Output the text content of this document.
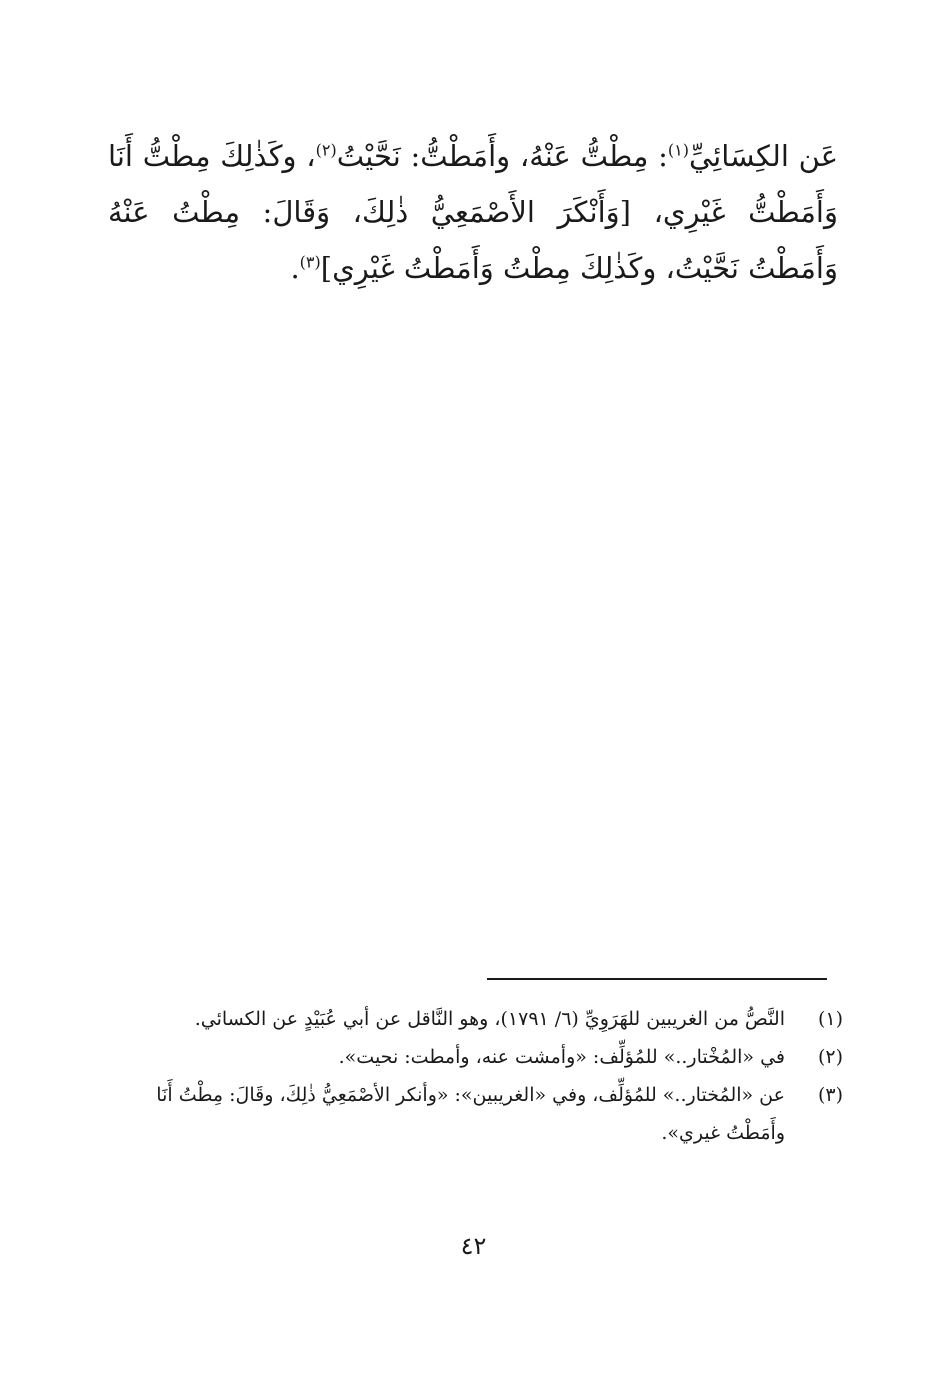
عَن الكِسَائِيِّ$^{(١)}$: مِطْتُّ عَنْهُ، وأَمَطْتُّ: نَحَّيْتُ$^{(٢)}$، وكَذٰلِكَ مِطْتُّ أَنَا وَأَمَطْتُّ غَيْرِي، [وَأَنْكَرَ الأَصْمَعِيُّ ذٰلِكَ، وَقَالَ: مِطْتُ عَنْهُ وَأَمَطْتُ نَحَّيْتُ، وكَذٰلِكَ مِطْتُ وَأَمَطْتُ غَيْرِي]$^{(٣)}$.

(١)
النَّصُّ من الغريبين للهَرَوِيِّ (٦/ ١٧٩١)، وهو النَّاقل عن أبي عُبَيْدٍ عن الكسائي.
(٢)
في «المُخْتار..» للمُؤلِّف: «وأمشت عنه، وأمطت: نحيت».
(٣)
عن «المُختار..» للمُؤلِّف، وفي «الغريبين»: «وأنكر الأصْمَعِيُّ ذٰلِكَ، وقَالَ: مِطْتُ أَنَا وأَمَطْتُ غيري».
٤٢
